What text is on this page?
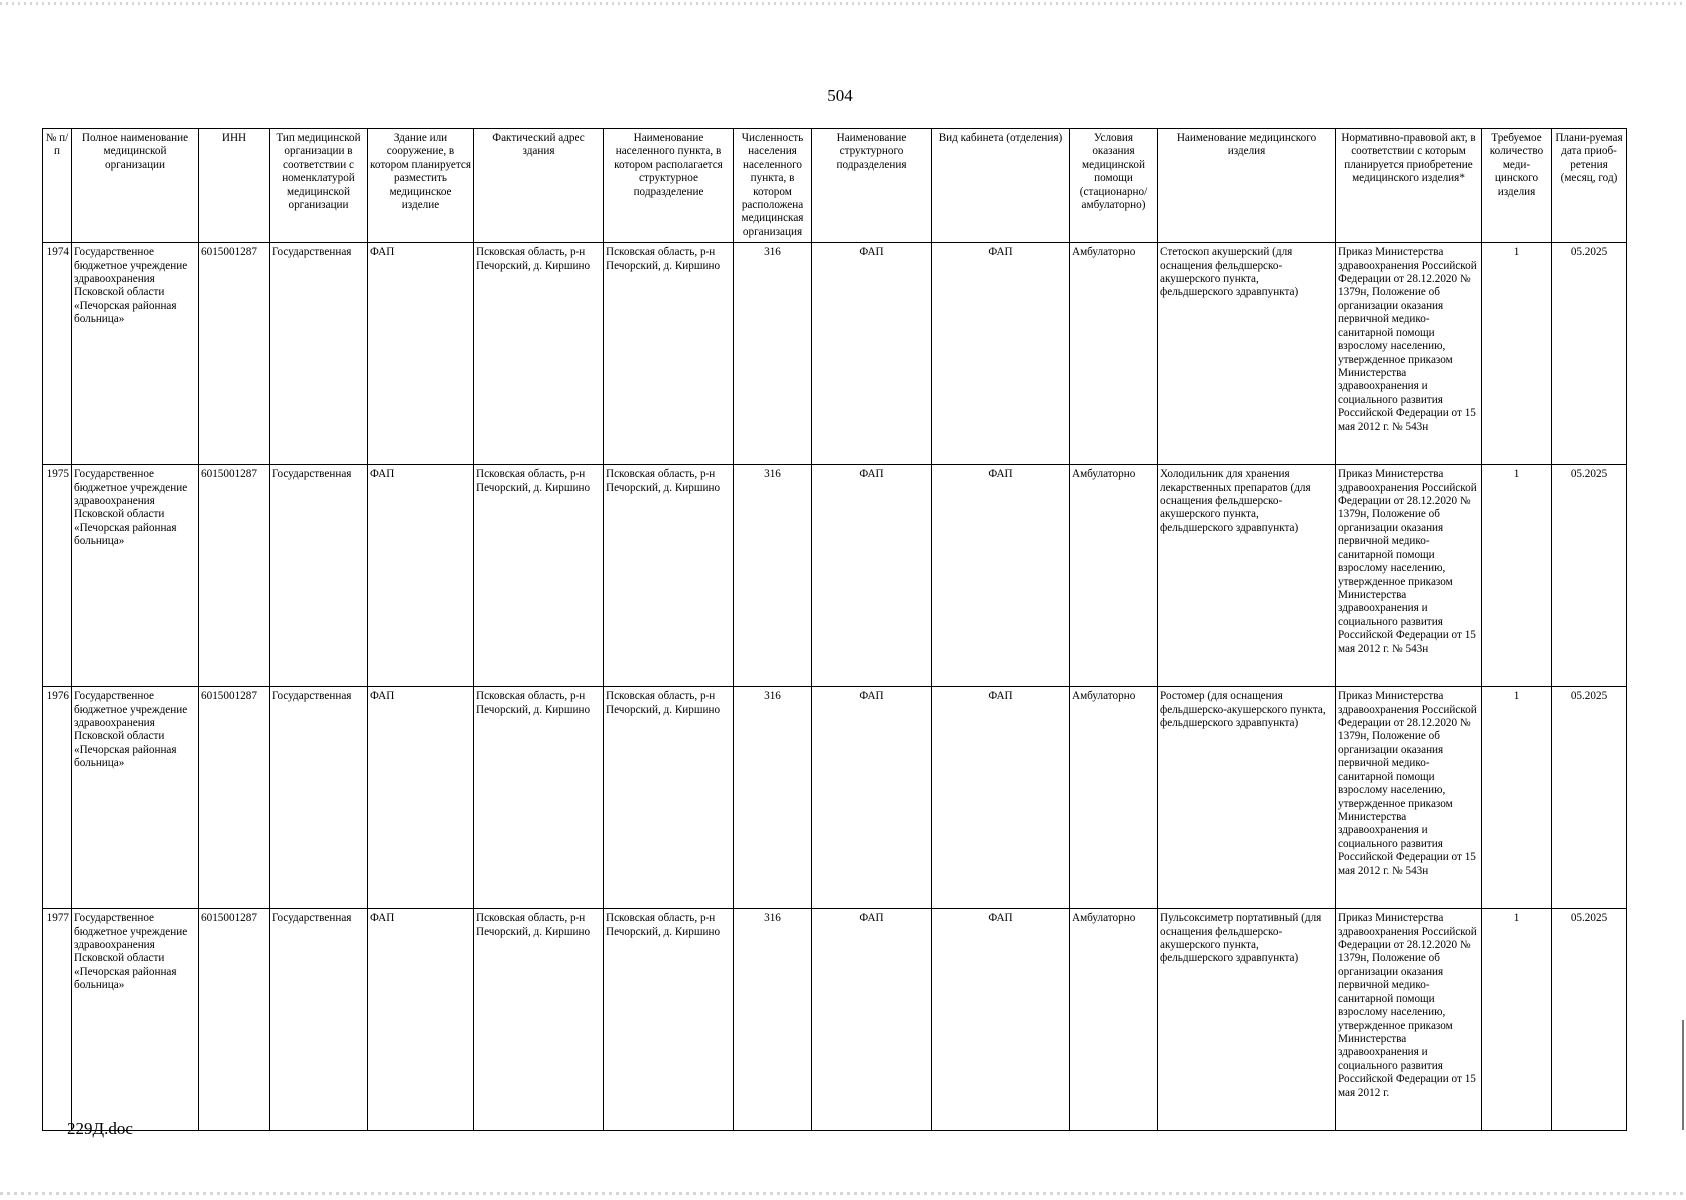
504
№ п/п	Полное наименование медицинской организации	ИНН	Тип медицинской организации в соответствии с номенклатурой медицинской организации	Здание или сооружение, в котором планируется разместить медицинское изделие	Фактический адрес здания	Наименование населенного пункта, в котором располагается структурное подразделение	Численность населения населенного пункта, в котором расположена медицинская организация	Наименование структурного подразделения	Вид кабинета (отделения)	Условия оказания медицинской помощи (стационарно/ амбулаторно)	Наименование медицинского изделия	Нормативно-правовой акт, в соответствии с которым планируется приобретение медицинского изделия*	Требуемое количество меди-цинского изделия	Плани-руемая дата приоб-ретения (месяц, год)
1974	Государственное бюджетное учреждение здравоохранения Псковской области «Печорская районная больница»	6015001287	Государственная	ФАП	Псковская область, р-н Печорский, д. Киршино	Псковская область, р-н Печорский, д. Киршино	316	ФАП	ФАП	Амбулаторно	Стетоскоп акушерский (для оснащения фельдшерско-акушерского пункта, фельдшерского здравпункта)	Приказ Министерства здравоохранения Российской Федерации от 28.12.2020 № 1379н, Положение об организации оказания первичной медико-санитарной помощи взрослому населению, утвержденное приказом Министерства здравоохранения и социального развития Российской Федерации от 15 мая 2012 г. № 543н	1	05.2025
1975	Государственное бюджетное учреждение здравоохранения Псковской области «Печорская районная больница»	6015001287	Государственная	ФАП	Псковская область, р-н Печорский, д. Киршино	Псковская область, р-н Печорский, д. Киршино	316	ФАП	ФАП	Амбулаторно	Холодильник для хранения лекарственных препаратов (для оснащения фельдшерско-акушерского пункта, фельдшерского здравпункта)	Приказ Министерства здравоохранения Российской Федерации от 28.12.2020 № 1379н, Положение об организации оказания первичной медико-санитарной помощи взрослому населению, утвержденное приказом Министерства здравоохранения и социального развития Российской Федерации от 15 мая 2012 г. № 543н	1	05.2025
1976	Государственное бюджетное учреждение здравоохранения Псковской области «Печорская районная больница»	6015001287	Государственная	ФАП	Псковская область, р-н Печорский, д. Киршино	Псковская область, р-н Печорский, д. Киршино	316	ФАП	ФАП	Амбулаторно	Ростомер (для оснащения фельдшерско-акушерского пункта, фельдшерского здравпункта)	Приказ Министерства здравоохранения Российской Федерации от 28.12.2020 № 1379н, Положение об организации оказания первичной медико-санитарной помощи взрослому населению, утвержденное приказом Министерства здравоохранения и социального развития Российской Федерации от 15 мая 2012 г. № 543н	1	05.2025
1977	Государственное бюджетное учреждение здравоохранения Псковской области «Печорская районная больница»	6015001287	Государственная	ФАП	Псковская область, р-н Печорский, д. Киршино	Псковская область, р-н Печорский, д. Киршино	316	ФАП	ФАП	Амбулаторно	Пульсоксиметр портативный (для оснащения фельдшерско-акушерского пункта, фельдшерского здравпункта)	Приказ Министерства здравоохранения Российской Федерации от 28.12.2020 № 1379н, Положение об организации оказания первичной медико-санитарной помощи взрослому населению, утвержденное приказом Министерства здравоохранения и социального развития Российской Федерации от 15 мая 2012 г.	1	05.2025
229Д.doc
